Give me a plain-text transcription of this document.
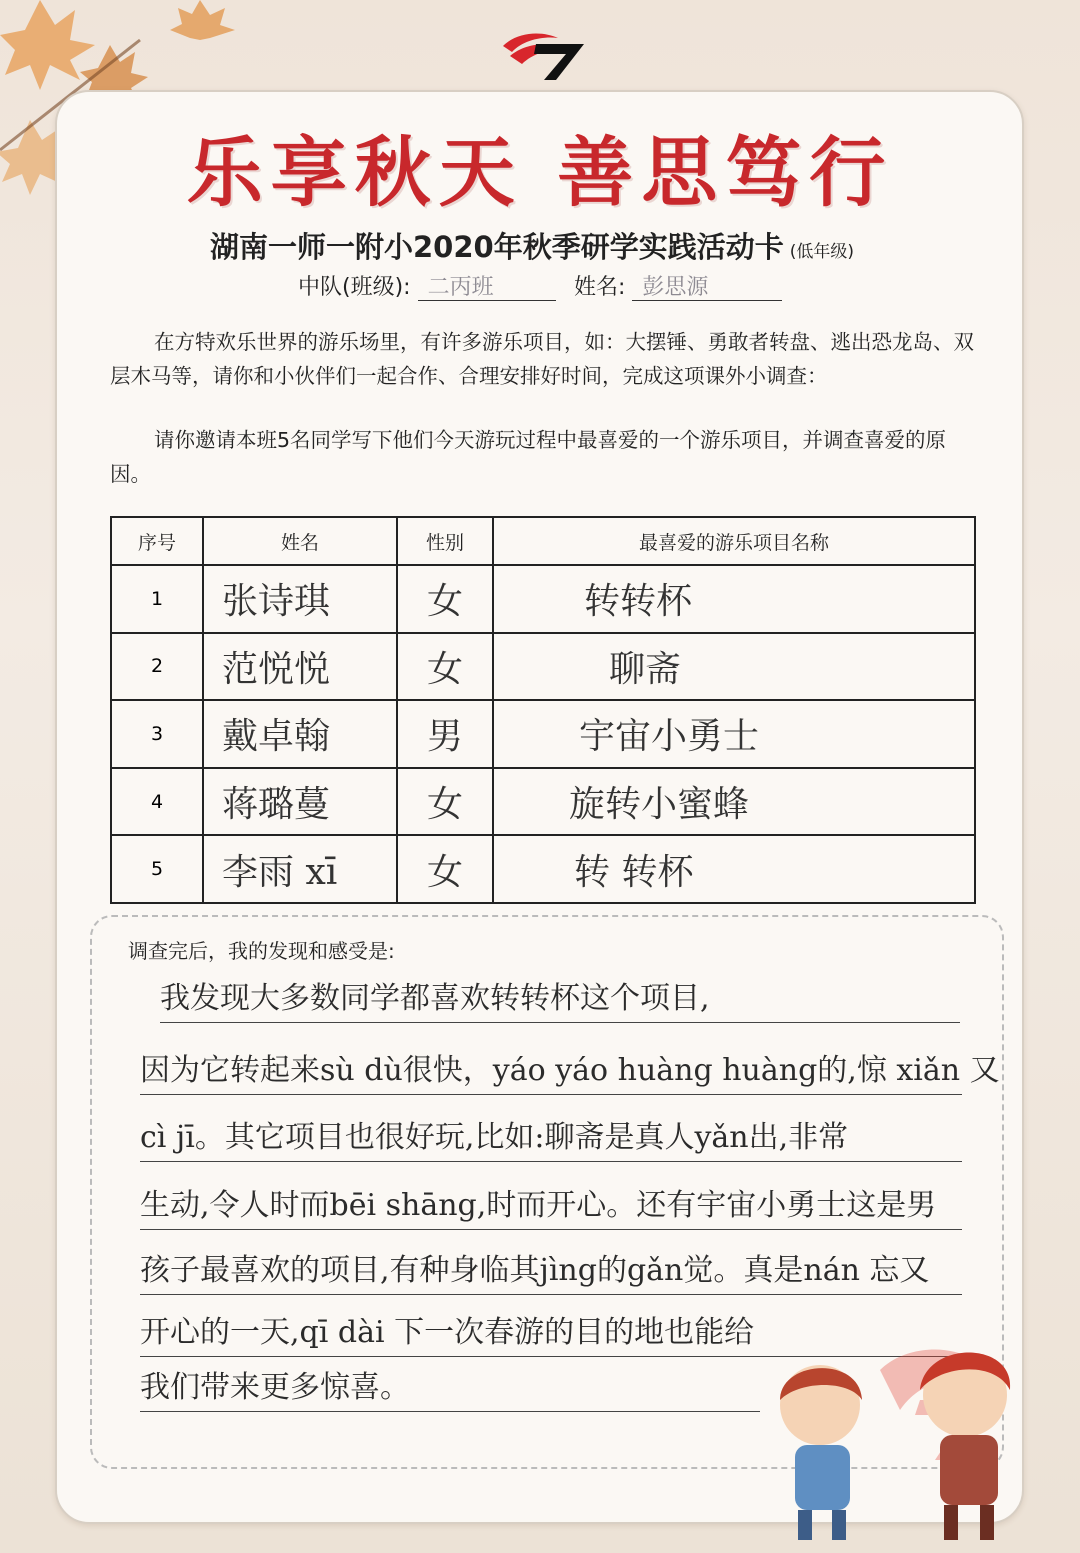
乐享秋天 善思笃行
湖南一师一附小2020年秋季研学实践活动卡 (低年级)
中队(班级): 二丙班	姓名: 彭思源
在方特欢乐世界的游乐场里，有许多游乐项目，如：大摆锤、勇敢者转盘、逃出恐龙岛、双层木马等，请你和小伙伴们一起合作、合理安排好时间，完成这项课外小调查：
请你邀请本班5名同学写下他们今天游玩过程中最喜爱的一个游乐项目，并调查喜爱的原因。
序号	姓名	性别	最喜爱的游乐项目名称
1	张诗琪	女	转转杯
2	范悦悦	女	聊斋
3	戴卓翰	男	宇宙小勇士
4	蒋璐蔓	女	旋转小蜜蜂
5	李雨 xī	女	转 转杯
调查完后，我的发现和感受是:
我发现大多数同学都喜欢转转杯这个项目,
因为它转起来sù dù很快，yáo yáo huàng huàng的,惊 xiǎn 又
cì jī。其它项目也很好玩,比如:聊斋是真人yǎn出,非常
生动,令人时而bēi shāng,时而开心。还有宇宙小勇士这是男
孩子最喜欢的项目,有种身临其jìng的gǎn觉。真是nán 忘又
开心的一天,qī dài 下一次春游的目的地也能给
我们带来更多惊喜。
